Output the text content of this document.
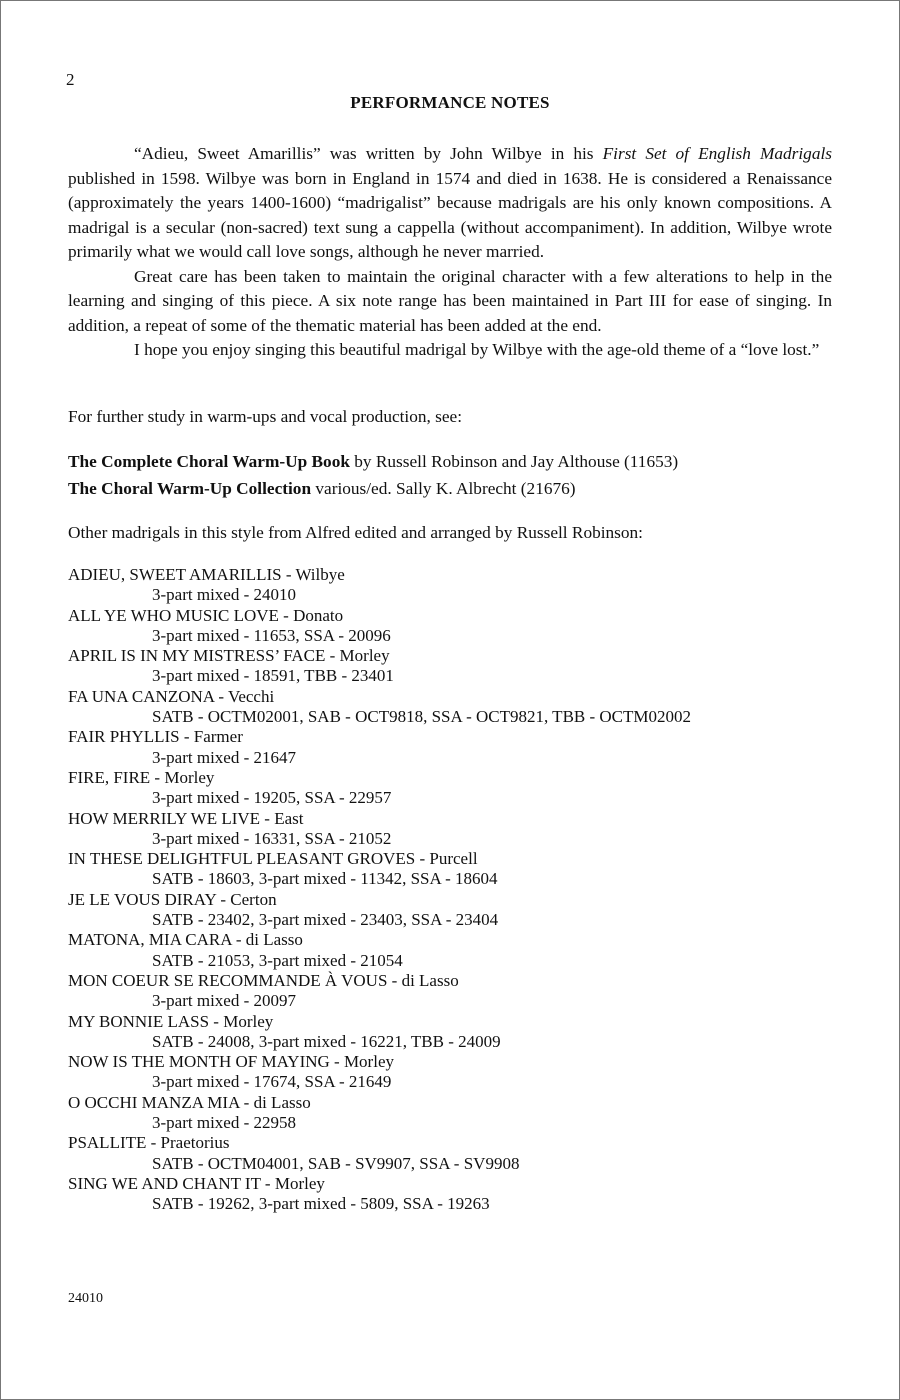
2
PERFORMANCE NOTES

“Adieu, Sweet Amarillis” was written by John Wilbye in his First Set of English Madrigals published in 1598. Wilbye was born in England in 1574 and died in 1638. He is considered a Renaissance (approximately the years 1400-1600) “madrigalist” because madrigals are his only known compositions. A madrigal is a secular (non-sacred) text sung a cappella (without accompaniment). In addition, Wilbye wrote primarily what we would call love songs, although he never married.

Great care has been taken to maintain the original character with a few alterations to help in the learning and singing of this piece. A six note range has been maintained in Part III for ease of singing. In addition, a repeat of some of the thematic material has been added at the end.

I hope you enjoy singing this beautiful madrigal by Wilbye with the age-old theme of a “love lost.”

For further study in warm-ups and vocal production, see:
The Complete Choral Warm-Up Book by Russell Robinson and Jay Althouse (11653)
The Choral Warm-Up Collection various/ed. Sally K. Albrecht (21676)
Other madrigals in this style from Alfred edited and arranged by Russell Robinson:
ADIEU, SWEET AMARILLIS - Wilbye
3-part mixed - 24010
ALL YE WHO MUSIC LOVE - Donato
3-part mixed - 11653, SSA - 20096
APRIL IS IN MY MISTRESS’ FACE - Morley
3-part mixed - 18591, TBB - 23401
FA UNA CANZONA - Vecchi
SATB - OCTM02001, SAB - OCT9818, SSA - OCT9821, TBB - OCTM02002
FAIR PHYLLIS - Farmer
3-part mixed - 21647
FIRE, FIRE - Morley
3-part mixed - 19205, SSA - 22957
HOW MERRILY WE LIVE - East
3-part mixed - 16331, SSA - 21052
IN THESE DELIGHTFUL PLEASANT GROVES - Purcell
SATB - 18603, 3-part mixed - 11342, SSA - 18604
JE LE VOUS DIRAY - Certon
SATB - 23402, 3-part mixed - 23403, SSA - 23404
MATONA, MIA CARA - di Lasso
SATB - 21053, 3-part mixed - 21054
MON COEUR SE RECOMMANDE À VOUS - di Lasso
3-part mixed - 20097
MY BONNIE LASS - Morley
SATB - 24008, 3-part mixed - 16221, TBB - 24009
NOW IS THE MONTH OF MAYING - Morley
3-part mixed - 17674, SSA - 21649
O OCCHI MANZA MIA - di Lasso
3-part mixed - 22958
PSALLITE - Praetorius
SATB - OCTM04001, SAB - SV9907, SSA - SV9908
SING WE AND CHANT IT - Morley
SATB - 19262, 3-part mixed - 5809, SSA - 19263
24010
